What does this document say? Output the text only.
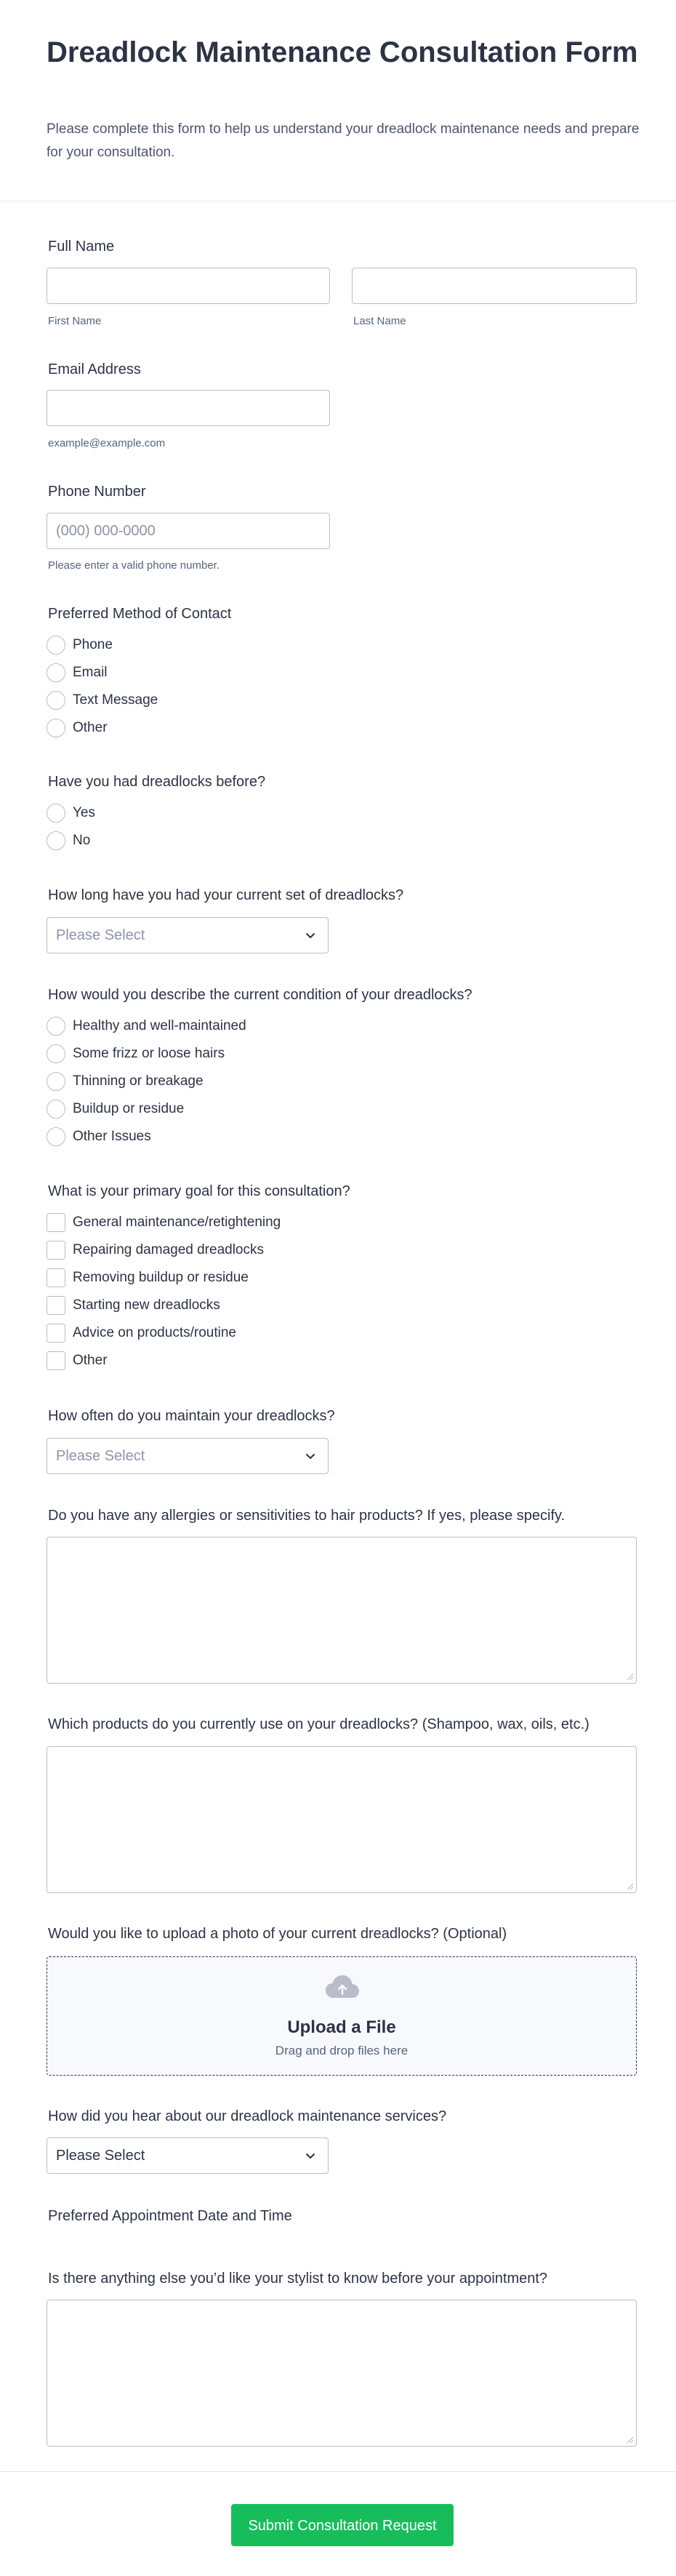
Dreadlock Maintenance Consultation Form

Please complete this form to help us understand your dreadlock maintenance needs and prepare for your consultation.

Full Name
First Name	Last Name
Email Address
example@example.com
Phone Number
(000) 000-0000
Please enter a valid phone number.
Preferred Method of Contact
Phone
Email
Text Message
Other
Have you had dreadlocks before?
Yes
No
How long have you had your current set of dreadlocks?
Please Select
How would you describe the current condition of your dreadlocks?
Healthy and well-maintained
Some frizz or loose hairs
Thinning or breakage
Buildup or residue
Other Issues
What is your primary goal for this consultation?
General maintenance/retightening
Repairing damaged dreadlocks
Removing buildup or residue
Starting new dreadlocks
Advice on products/routine
Other
How often do you maintain your dreadlocks?
Please Select
Do you have any allergies or sensitivities to hair products? If yes, please specify.
Which products do you currently use on your dreadlocks? (Shampoo, wax, oils, etc.)
Would you like to upload a photo of your current dreadlocks? (Optional)
Upload a File
Drag and drop files here
How did you hear about our dreadlock maintenance services?
Please Select
Preferred Appointment Date and Time
Is there anything else you’d like your stylist to know before your appointment?
Submit Consultation Request
